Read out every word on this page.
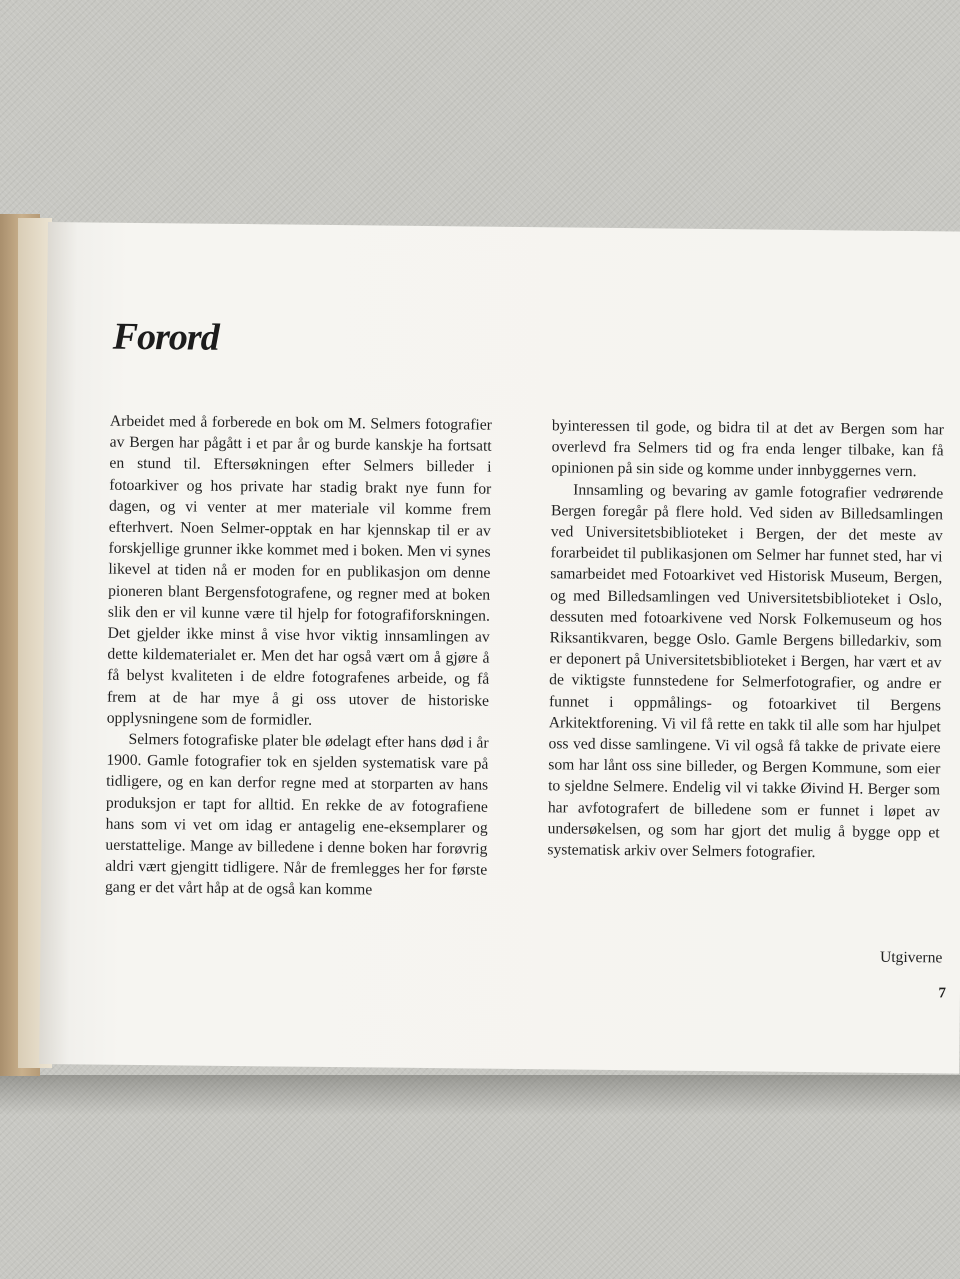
Forord

Arbeidet med å forberede en bok om M. Selmers fotografier av Bergen har pågått i et par år og burde kanskje ha fortsatt en stund til. Eftersøkningen efter Selmers billeder i fotoarkiver og hos private har stadig brakt nye funn for dagen, og vi venter at mer materiale vil komme frem efterhvert. Noen Selmer-opptak en har kjennskap til er av forskjellige grunner ikke kommet med i boken. Men vi synes likevel at tiden nå er moden for en publikasjon om denne pioneren blant Bergensfotografene, og regner med at boken slik den er vil kunne være til hjelp for fotografiforskningen. Det gjelder ikke minst å vise hvor viktig innsamlingen av dette kildematerialet er. Men det har også vært om å gjøre å få belyst kvaliteten i de eldre fotografenes arbeide, og få frem at de har mye å gi oss utover de historiske opplysningene som de formidler.

Selmers fotografiske plater ble ødelagt efter hans død i år 1900. Gamle fotografier tok en sjelden systematisk vare på tidligere, og en kan derfor regne med at storparten av hans produksjon er tapt for alltid. En rekke de av fotografiene hans som vi vet om idag er antagelig ene-eksemplarer og uerstattelige. Mange av billedene i denne boken har forøvrig aldri vært gjengitt tidligere. Når de fremlegges her for første gang er det vårt håp at de også kan komme

byinteressen til gode, og bidra til at det av Bergen som har overlevd fra Selmers tid og fra enda lenger tilbake, kan få opinionen på sin side og komme under innbyggernes vern.

Innsamling og bevaring av gamle fotografier vedrørende Bergen foregår på flere hold. Ved siden av Billedsamlingen ved Universitetsbiblioteket i Bergen, der det meste av forarbeidet til publikasjonen om Selmer har funnet sted, har vi samarbeidet med Fotoarkivet ved Historisk Museum, Bergen, og med Billedsamlingen ved Universitetsbiblioteket i Oslo, dessuten med fotoarkivene ved Norsk Folkemuseum og hos Riksantikvaren, begge Oslo. Gamle Bergens billedarkiv, som er deponert på Universitetsbiblioteket i Bergen, har vært et av de viktigste funnstedene for Selmerfotografier, og andre er funnet i oppmålings- og fotoarkivet til Bergens Arkitektforening. Vi vil få rette en takk til alle som har hjulpet oss ved disse samlingene. Vi vil også få takke de private eiere som har lånt oss sine billeder, og Bergen Kommune, som eier to sjeldne Selmere. Endelig vil vi takke Øivind H. Berger som har avfotografert de billedene som er funnet i løpet av undersøkelsen, og som har gjort det mulig å bygge opp et systematisk arkiv over Selmers fotografier.

Utgiverne
7
